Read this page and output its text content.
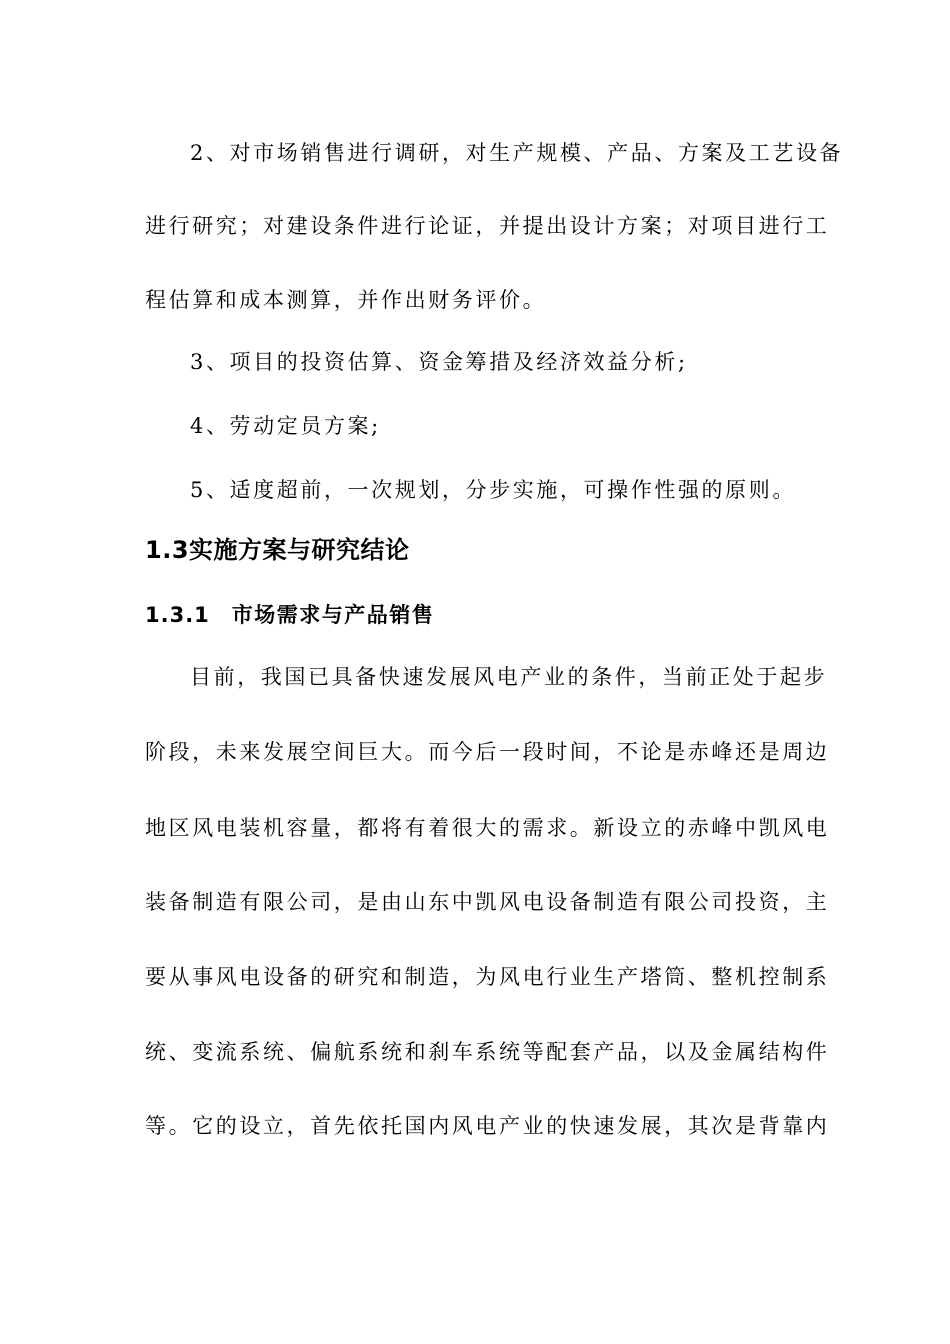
2、对市场销售进行调研，对生产规模、产品、方案及工艺设备
进行研究；对建设条件进行论证，并提出设计方案；对项目进行工
程估算和成本测算，并作出财务评价。
3、项目的投资估算、资金筹措及经济效益分析;
4、劳动定员方案;
5、适度超前，一次规划，分步实施，可操作性强的原则。
1.3实施方案与研究结论
1.3.1 市场需求与产品销售
目前，我国已具备快速发展风电产业的条件，当前正处于起步
阶段，未来发展空间巨大。而今后一段时间，不论是赤峰还是周边
地区风电装机容量，都将有着很大的需求。新设立的赤峰中凯风电
装备制造有限公司，是由山东中凯风电设备制造有限公司投资，主
要从事风电设备的研究和制造，为风电行业生产塔筒、整机控制系
统、变流系统、偏航系统和刹车系统等配套产品，以及金属结构件
等。它的设立，首先依托国内风电产业的快速发展，其次是背靠内
